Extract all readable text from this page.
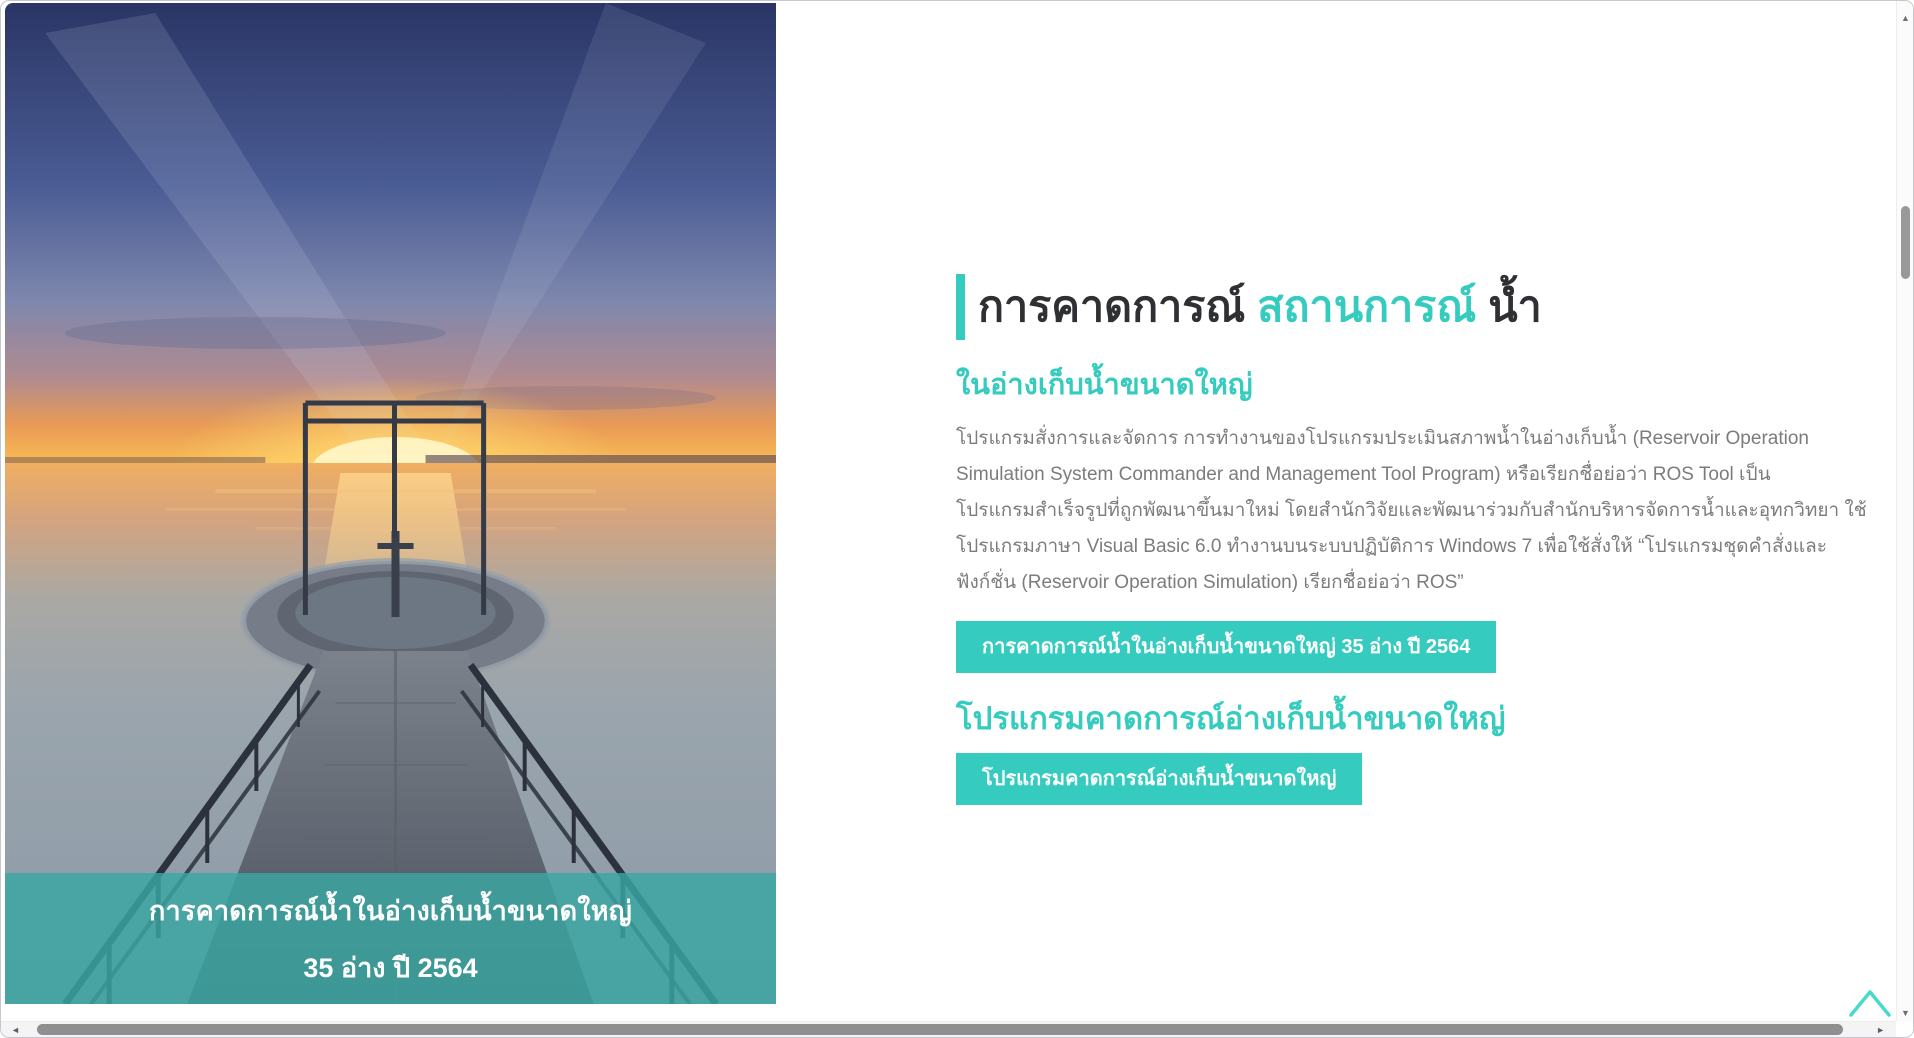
การคาดการณ์น้ำในอ่างเก็บน้ำขนาดใหญ่
35 อ่าง ปี 2564
การคาดการณ์ สถานการณ์ น้ำ
ในอ่างเก็บน้ำขนาดใหญ่
โปรแกรมสั่งการและจัดการ การทำงานของโปรแกรมประเมินสภาพน้ำในอ่างเก็บน้ำ (Reservoir Operation
Simulation System Commander and Management Tool Program) หรือเรียกชื่อย่อว่า ROS Tool เป็น
โปรแกรมสำเร็จรูปที่ถูกพัฒนาขึ้นมาใหม่ โดยสำนักวิจัยและพัฒนาร่วมกับสำนักบริหารจัดการน้ำและอุทกวิทยา ใช้
โปรแกรมภาษา Visual Basic 6.0 ทำงานบนระบบปฏิบัติการ Windows 7 เพื่อใช้สั่งให้ “โปรแกรมชุดคำสั่งและ
ฟังก์ชั่น (Reservoir Operation Simulation) เรียกชื่อย่อว่า ROS”
การคาดการณ์น้ำในอ่างเก็บน้ำขนาดใหญ่ 35 อ่าง ปี 2564
โปรแกรมคาดการณ์อ่างเก็บน้ำขนาดใหญ่
โปรแกรมคาดการณ์อ่างเก็บน้ำขนาดใหญ่
▲
▼
◄	►
